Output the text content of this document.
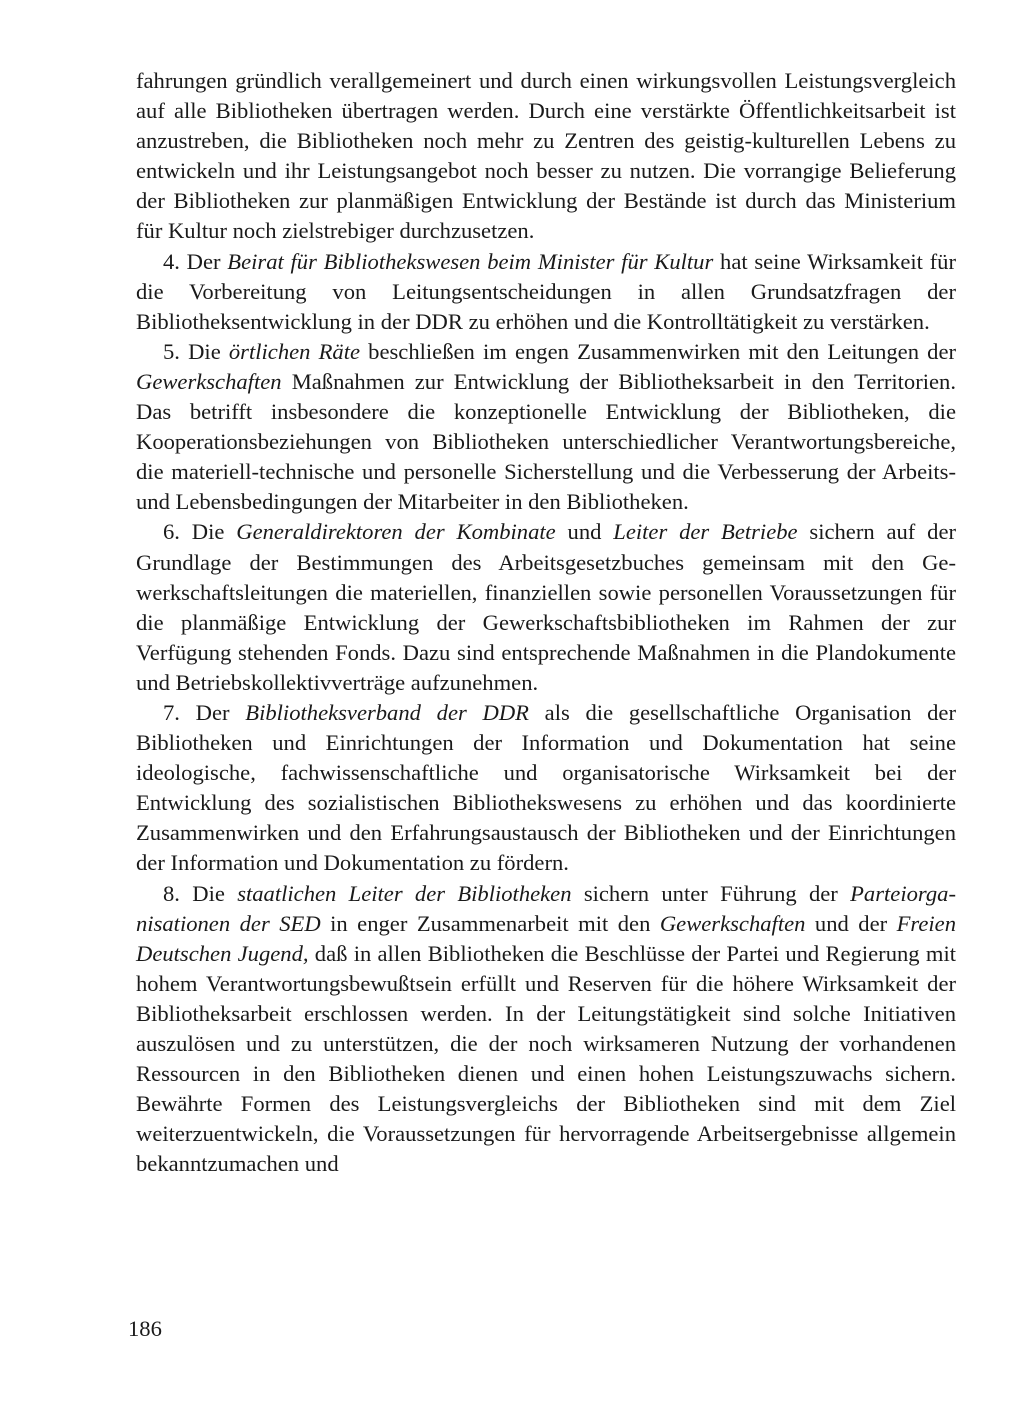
fahrungen gründlich verallgemeinert und durch einen wirkungsvollen Leistungsvergleich auf alle Bibliotheken übertragen werden. Durch eine verstärkte Öffentlichkeitsarbeit ist anzustreben, die Bibliotheken noch mehr zu Zentren des geistig-kulturellen Lebens zu entwickeln und ihr Leistungsangebot noch besser zu nutzen. Die vorrangige Belieferung der Bibliotheken zur planmäßigen Entwicklung der Bestände ist durch das Ministerium für Kultur noch zielstrebiger durchzusetzen.

4. Der Beirat für Bibliothekswesen beim Minister für Kultur hat seine Wirksamkeit für die Vorbereitung von Leitungsentscheidungen in allen Grundsatzfragen der Bibliotheksentwicklung in der DDR zu erhöhen und die Kontrolltätigkeit zu verstärken.

5. Die örtlichen Räte beschließen im engen Zusammenwirken mit den Leitungen der Gewerkschaften Maßnahmen zur Entwicklung der Bibliotheksarbeit in den Territorien. Das betrifft insbesondere die konzeptionelle Entwicklung der Bibliotheken, die Kooperationsbeziehungen von Bibliotheken unterschiedlicher Verantwortungsbereiche, die materiell-technische und personelle Sicherstellung und die Verbesserung der Arbeits- und Lebensbedingungen der Mitarbeiter in den Bibliotheken.

6. Die Generaldirektoren der Kombinate und Leiter der Betriebe sichern auf der Grundlage der Bestimmungen des Arbeitsgesetzbuches gemeinsam mit den Gewerkschaftsleitungen die materiellen, finanziellen sowie personellen Voraussetzungen für die planmäßige Entwicklung der Gewerkschaftsbibliotheken im Rahmen der zur Verfügung stehenden Fonds. Dazu sind entsprechende Maßnahmen in die Plandokumente und Betriebskollektivverträge aufzunehmen.

7. Der Bibliotheksverband der DDR als die gesellschaftliche Organisation der Bibliotheken und Einrichtungen der Information und Dokumentation hat seine ideologische, fachwissenschaftliche und organisatorische Wirksamkeit bei der Entwicklung des sozialistischen Bibliothekswesens zu erhöhen und das koordinierte Zusammenwirken und den Erfahrungsaustausch der Bibliotheken und der Einrichtungen der Information und Dokumentation zu fördern.

8. Die staatlichen Leiter der Bibliotheken sichern unter Führung der Parteiorganisationen der SED in enger Zusammenarbeit mit den Gewerkschaften und der Freien Deutschen Jugend, daß in allen Bibliotheken die Beschlüsse der Partei und Regierung mit hohem Verantwortungsbewußtsein erfüllt und Reserven für die höhere Wirksamkeit der Bibliotheksarbeit erschlossen werden. In der Leitungstätigkeit sind solche Initiativen auszulösen und zu unterstützen, die der noch wirksameren Nutzung der vorhandenen Ressourcen in den Bibliotheken dienen und einen hohen Leistungszuwachs sichern. Bewährte Formen des Leistungsvergleichs der Bibliotheken sind mit dem Ziel weiterzuentwickeln, die Voraussetzungen für hervorragende Arbeitsergebnisse allgemein bekanntzumachen und

186
